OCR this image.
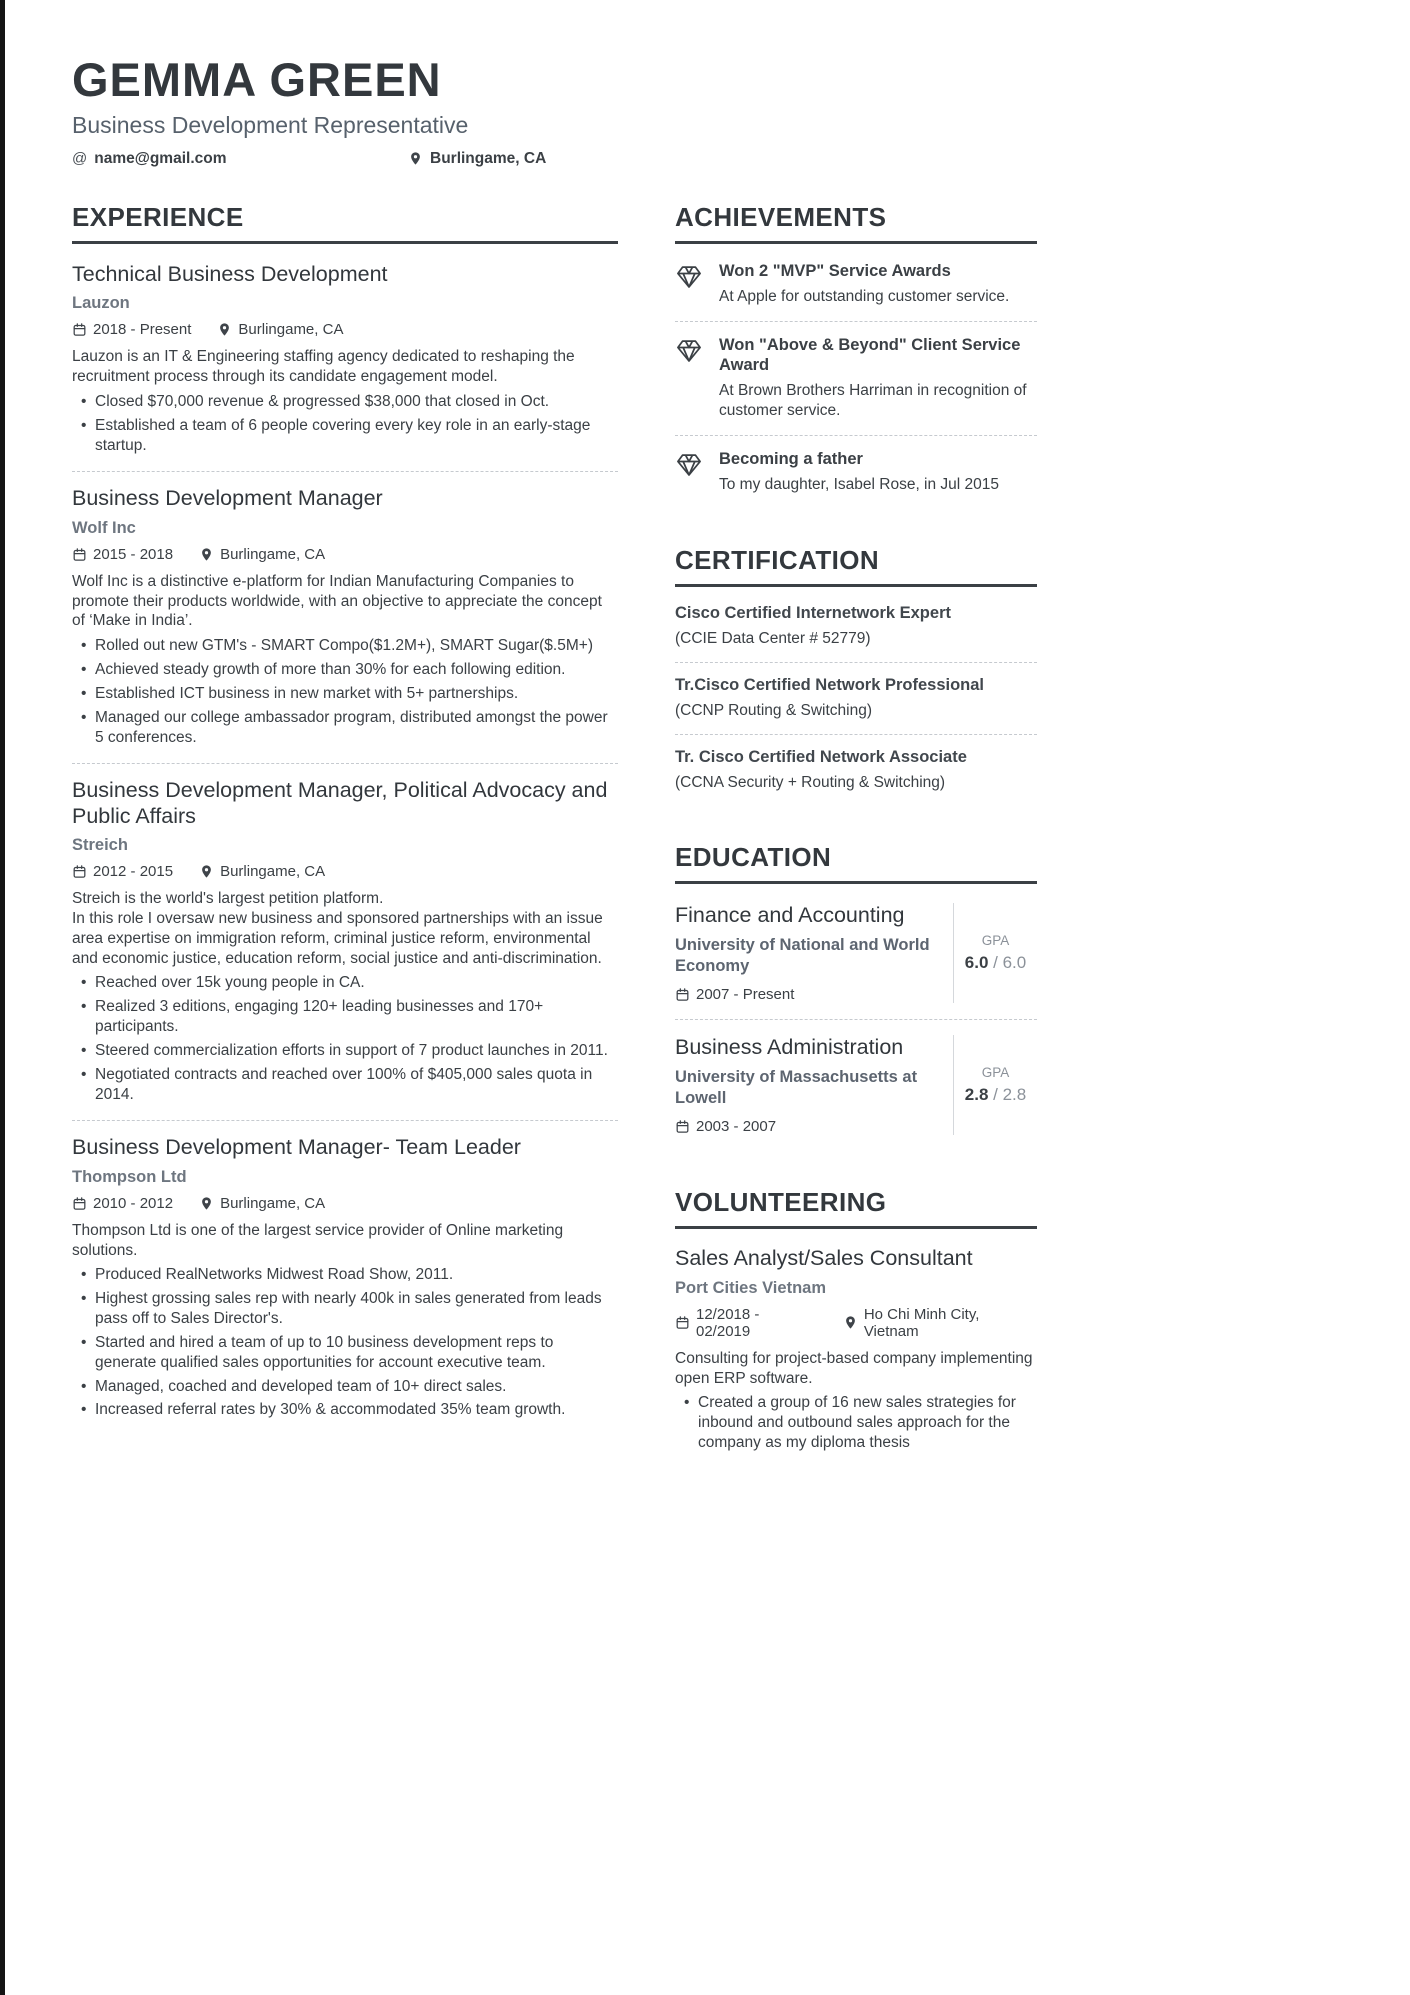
GEMMA GREEN
Business Development Representative
@ name@gmail.com	Burlingame, CA
EXPERIENCE
Technical Business Development
Lauzon
2018 - Present	Burlingame, CA

Lauzon is an IT & Engineering staffing agency dedicated to reshaping the recruitment process through its candidate engagement model.

• Closed $70,000 revenue & progressed $38,000 that closed in Oct.
• Established a team of 6 people covering every key role in an early-stage startup.
Business Development Manager
Wolf Inc
2015 - 2018	Burlingame, CA

Wolf Inc is a distinctive e-platform for Indian Manufacturing Companies to promote their products worldwide, with an objective to appreciate the concept of ‘Make in India’.

• Rolled out new GTM's - SMART Compo($1.2M+), SMART Sugar($.5M+)
• Achieved steady growth of more than 30% for each following edition.
• Established ICT business in new market with 5+ partnerships.
• Managed our college ambassador program, distributed amongst the power 5 conferences.
Business Development Manager, Political Advocacy and Public Affairs
Streich
2012 - 2015	Burlingame, CA

Streich is the world's largest petition platform.

In this role I oversaw new business and sponsored partnerships with an issue area expertise on immigration reform, criminal justice reform, environmental and economic justice, education reform, social justice and anti-discrimination.

• Reached over 15k young people in CA.
• Realized 3 editions, engaging 120+ leading businesses and 170+ participants.
• Steered commercialization efforts in support of 7 product launches in 2011.
• Negotiated contracts and reached over 100% of $405,000 sales quota in 2014.
Business Development Manager- Team Leader
Thompson Ltd
2010 - 2012	Burlingame, CA

Thompson Ltd is one of the largest service provider of Online marketing solutions.

• Produced RealNetworks Midwest Road Show, 2011.
• Highest grossing sales rep with nearly 400k in sales generated from leads pass off to Sales Director's.
• Started and hired a team of up to 10 business development reps to generate qualified sales opportunities for account executive team.
• Managed, coached and developed team of 10+ direct sales.
• Increased referral rates by 30% & accommodated 35% team growth.
ACHIEVEMENTS
Won 2 "MVP" Service Awards
At Apple for outstanding customer service.
Won "Above & Beyond" Client Service Award
At Brown Brothers Harriman in recognition of customer service.
Becoming a father
To my daughter, Isabel Rose, in Jul 2015
CERTIFICATION
Cisco Certified Internetwork Expert
(CCIE Data Center # 52779)
Tr.Cisco Certified Network Professional
(CCNP Routing & Switching)
Tr. Cisco Certified Network Associate
(CCNA Security + Routing & Switching)
EDUCATION
Finance and Accounting
University of National and World Economy
2007 - Present
GPA
6.0 / 6.0
Business Administration
University of Massachusetts at Lowell
2003 - 2007
GPA
2.8 / 2.8
VOLUNTEERING
Sales Analyst/Sales Consultant
Port Cities Vietnam
12/2018 - 02/2019
Ho Chi Minh City, Vietnam

Consulting for project-based company implementing open ERP software.

• Created a group of 16 new sales strategies for inbound and outbound sales approach for the company as my diploma thesis
